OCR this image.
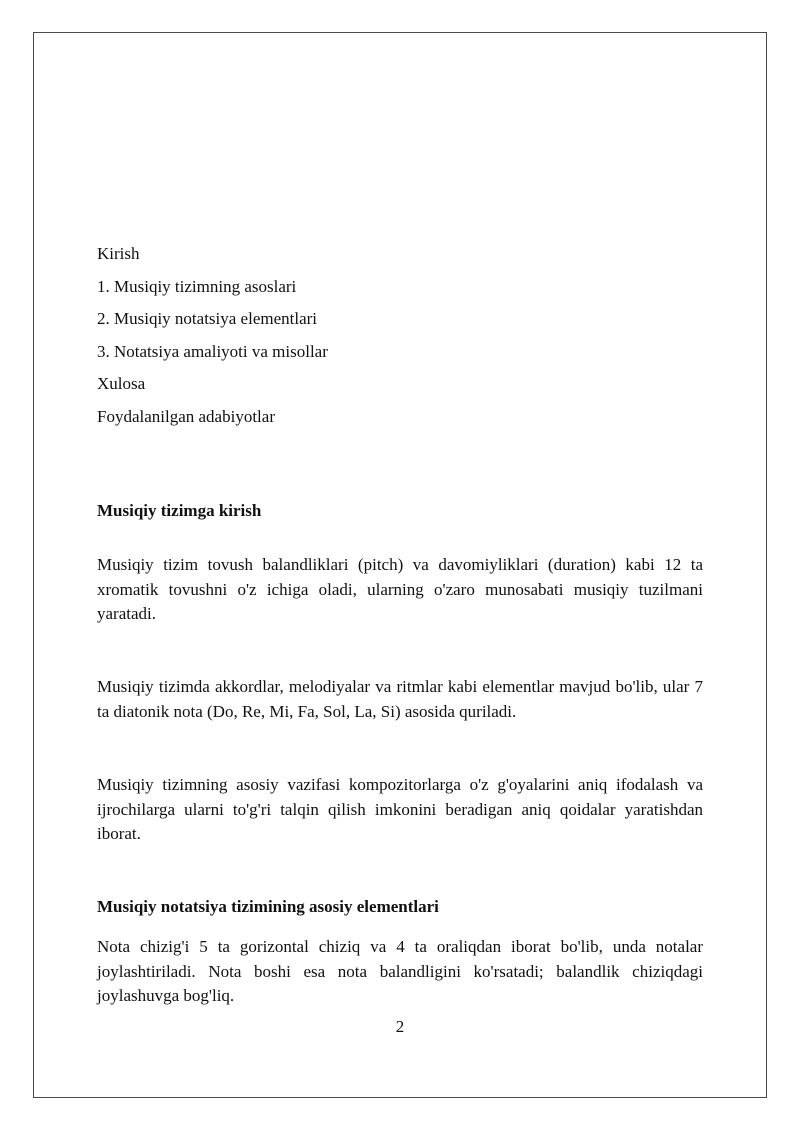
Kirish
1. Musiqiy tizimning asoslari
2. Musiqiy notatsiya elementlari
3. Notatsiya amaliyoti va misollar
Xulosa
Foydalanilgan adabiyotlar
Musiqiy tizimga kirish
Musiqiy tizim tovush balandliklari (pitch) va davomiyliklari (duration) kabi 12 ta xromatik tovushni o'z ichiga oladi, ularning o'zaro munosabati musiqiy tuzilmani yaratadi.
Musiqiy tizimda akkordlar, melodiyalar va ritmlar kabi elementlar mavjud bo'lib, ular 7 ta diatonik nota (Do, Re, Mi, Fa, Sol, La, Si) asosida quriladi.
Musiqiy tizimning asosiy vazifasi kompozitorlarga o'z g'oyalarini aniq ifodalash va ijrochilarga ularni to'g'ri talqin qilish imkonini beradigan aniq qoidalar yaratishdan iborat.
Musiqiy notatsiya tizimining asosiy elementlari
Nota chizig'i 5 ta gorizontal chiziq va 4 ta oraliqdan iborat bo'lib, unda notalar joylashtiriladi. Nota boshi esa nota balandligini ko'rsatadi; balandlik chiziqdagi joylashuvga bog'liq.
2
